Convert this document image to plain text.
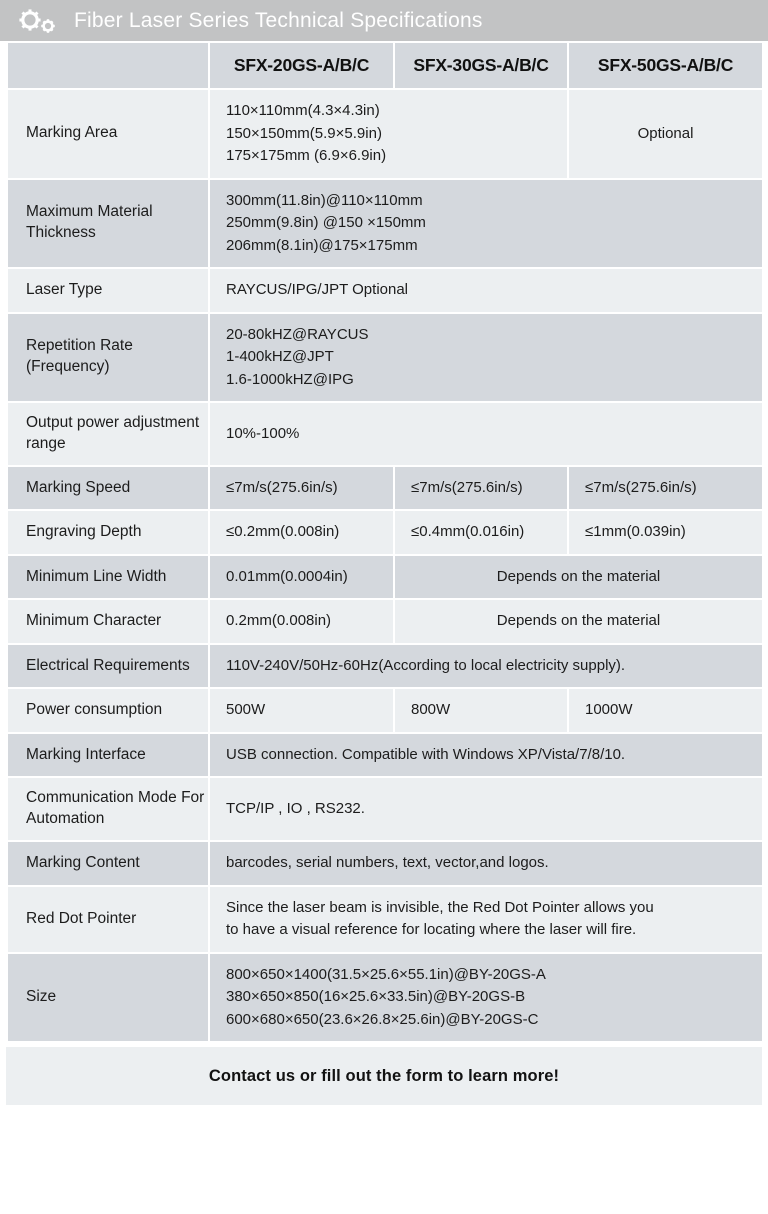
Fiber Laser Series Technical Specifications
	SFX-20GS-A/B/C	SFX-30GS-A/B/C	SFX-50GS-A/B/C
Marking Area	110×110mm(4.3×4.3in)
150×150mm(5.9×5.9in)
175×175mm (6.9×6.9in)		Optional
Maximum Material Thickness	300mm(11.8in)@110×110mm
250mm(9.8in) @150 ×150mm
206mm(8.1in)@175×175mm		

Laser Type	RAYCUS/IPG/JPT Optional		

Repetition Rate (Frequency)	20-80kHZ@RAYCUS
1-400kHZ@JPT
1.6-1000kHZ@IPG		

Output power adjustment range	10%-100%		

Marking Speed	≤7m/s(275.6in/s)	≤7m/s(275.6in/s)	≤7m/s(275.6in/s)
Engraving Depth	≤0.2mm(0.008in)	≤0.4mm(0.016in)	≤1mm(0.039in)
Minimum Line Width	0.01mm(0.0004in)	Depends on the material	
Minimum Character	0.2mm(0.008in)	Depends on the material	
Electrical Requirements	110V-240V/50Hz-60Hz(According to local electricity supply).		

Power consumption	500W	800W	1000W
Marking Interface	USB connection. Compatible with Windows XP/Vista/7/8/10.		

Communication Mode For Automation	TCP/IP , IO , RS232.		

Marking Content	barcodes, serial numbers, text, vector,and logos.		

Red Dot Pointer	Since the laser beam is invisible, the Red Dot Pointer allows you
to have a visual reference for locating where the laser will fire.		

Size	800×650×1400(31.5×25.6×55.1in)@BY-20GS-A
380×650×850(16×25.6×33.5in)@BY-20GS-B
600×680×650(23.6×26.8×25.6in)@BY-20GS-C		
Contact us or fill out the form to learn more!
